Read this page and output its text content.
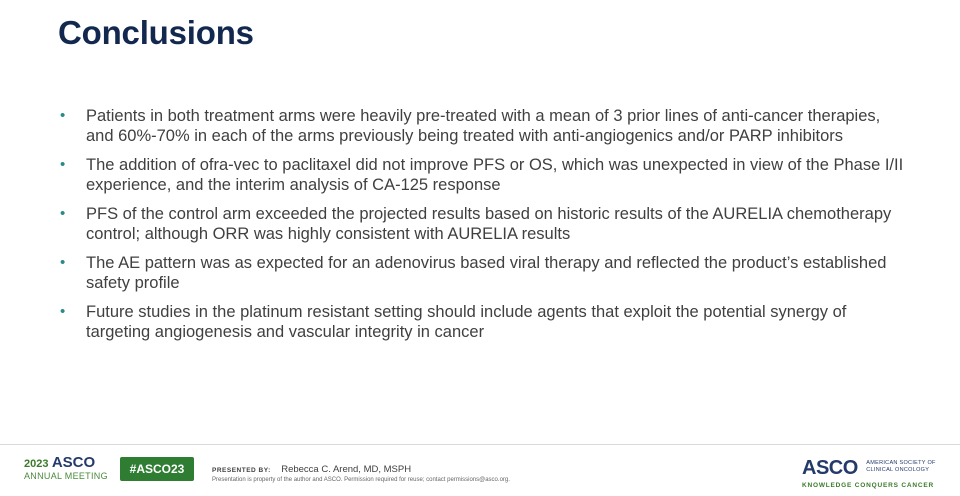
Conclusions
• Patients in both treatment arms were heavily pre-treated with a mean of 3 prior lines of anti-cancer therapies, and 60%-70% in each of the arms previously being treated with anti-angiogenics and/or PARP inhibitors
• The addition of ofra-vec to paclitaxel did not improve PFS or OS, which was unexpected in view of the Phase I/II experience, and the interim analysis of CA-125 response
• PFS of the control arm exceeded the projected results based on historic results of the AURELIA chemotherapy control; although ORR was highly consistent with AURELIA results
• The AE pattern was as expected for an adenovirus based viral therapy and reflected the product’s established safety profile
• Future studies in the platinum resistant setting should include agents that exploit the potential synergy of targeting angiogenesis and vascular integrity in cancer
2023 ASCO
ANNUAL MEETING	#ASCO23	PRESENTED BY: Rebecca C. Arend, MD, MSPH
Presentation is property of the author and ASCO. Permission required for reuse; contact permissions@asco.org.
ASCO AMERICAN SOCIETY OF
CLINICAL ONCOLOGY
KNOWLEDGE CONQUERS CANCER
